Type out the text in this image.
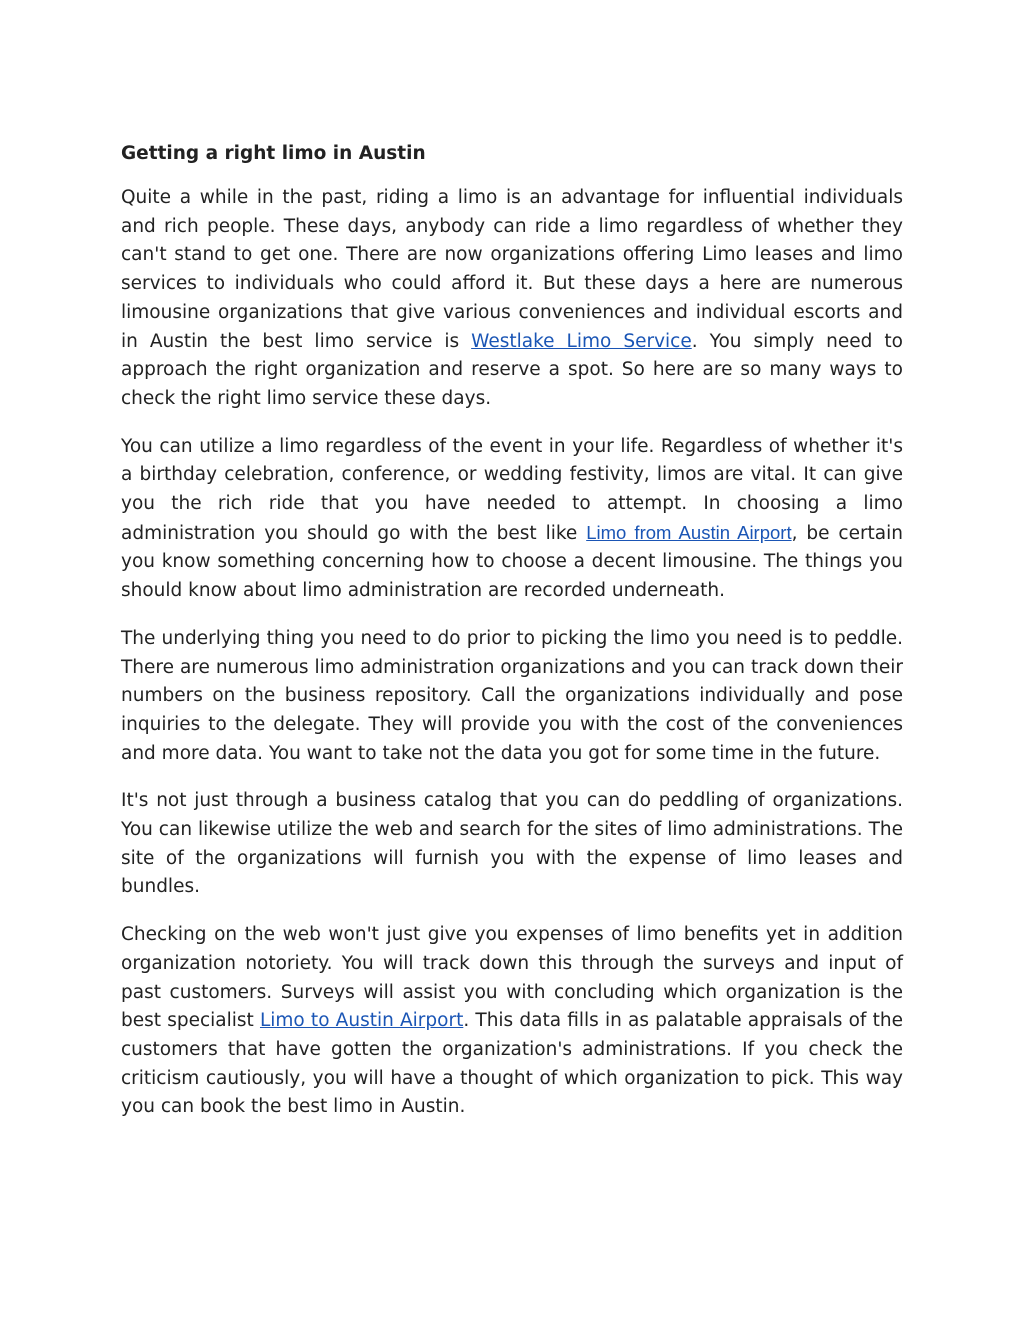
Getting a right limo in Austin

Quite a while in the past, riding a limo is an advantage for influential individuals and rich people. These days, anybody can ride a limo regardless of whether they can't stand to get one. There are now organizations offering Limo leases and limo services to individuals who could afford it. But these days a here are numerous limousine organizations that give various conveniences and individual escorts and in Austin the best limo service is Westlake Limo Service. You simply need to approach the right organization and reserve a spot. So here are so many ways to check the right limo service these days.

You can utilize a limo regardless of the event in your life. Regardless of whether it's a birthday celebration, conference, or wedding festivity, limos are vital. It can give you the rich ride that you have needed to attempt. In choosing a limo administration you should go with the best like Limo from Austin Airport, be certain you know something concerning how to choose a decent limousine. The things you should know about limo administration are recorded underneath.

The underlying thing you need to do prior to picking the limo you need is to peddle. There are numerous limo administration organizations and you can track down their numbers on the business repository. Call the organizations individually and pose inquiries to the delegate. They will provide you with the cost of the conveniences and more data. You want to take not the data you got for some time in the future.

It's not just through a business catalog that you can do peddling of organizations. You can likewise utilize the web and search for the sites of limo administrations. The site of the organizations will furnish you with the expense of limo leases and bundles.

Checking on the web won't just give you expenses of limo benefits yet in addition organization notoriety. You will track down this through the surveys and input of past customers. Surveys will assist you with concluding which organization is the best specialist Limo to Austin Airport. This data fills in as palatable appraisals of the customers that have gotten the organization's administrations. If you check the criticism cautiously, you will have a thought of which organization to pick. This way you can book the best limo in Austin.
